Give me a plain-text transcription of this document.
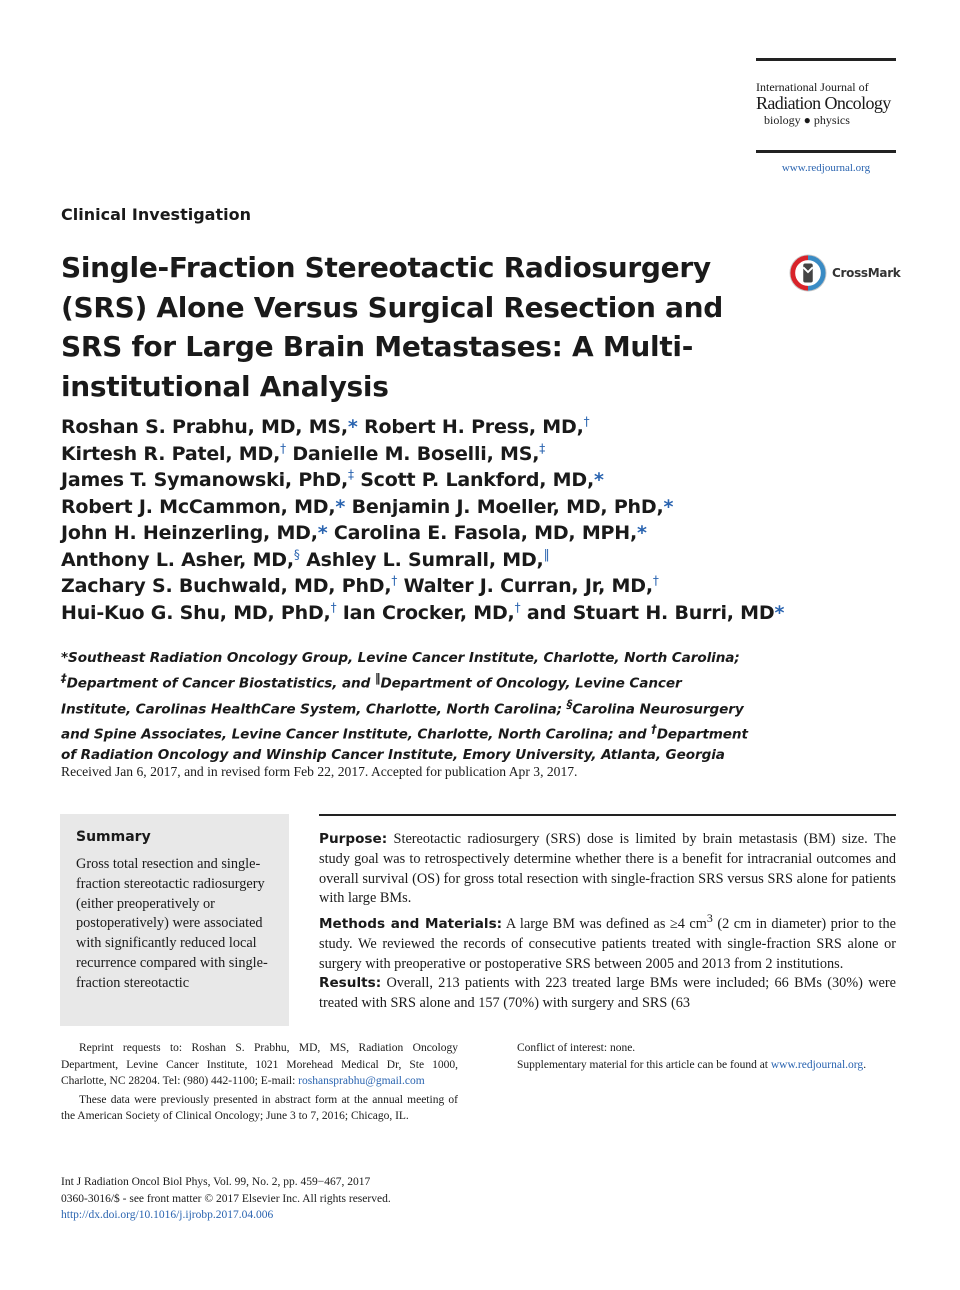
International Journal of
Radiation Oncology
biology ● physics
www.redjournal.org
Clinical Investigation
Single-Fraction Stereotactic Radiosurgery (SRS) Alone Versus Surgical Resection and SRS for Large Brain Metastases: A Multi-institutional Analysis
CrossMark
Roshan S. Prabhu, MD, MS,* Robert H. Press, MD,†
Kirtesh R. Patel, MD,† Danielle M. Boselli, MS,‡
James T. Symanowski, PhD,‡ Scott P. Lankford, MD,*
Robert J. McCammon, MD,* Benjamin J. Moeller, MD, PhD,*
John H. Heinzerling, MD,* Carolina E. Fasola, MD, MPH,*
Anthony L. Asher, MD,§ Ashley L. Sumrall, MD,‖
Zachary S. Buchwald, MD, PhD,† Walter J. Curran, Jr, MD,†
Hui-Kuo G. Shu, MD, PhD,† Ian Crocker, MD,† and Stuart H. Burri, MD*
*Southeast Radiation Oncology Group, Levine Cancer Institute, Charlotte, North Carolina; ‡Department of Cancer Biostatistics, and ‖Department of Oncology, Levine Cancer Institute, Carolinas HealthCare System, Charlotte, North Carolina; §Carolina Neurosurgery and Spine Associates, Levine Cancer Institute, Charlotte, North Carolina; and †Department of Radiation Oncology and Winship Cancer Institute, Emory University, Atlanta, Georgia
Received Jan 6, 2017, and in revised form Feb 22, 2017. Accepted for publication Apr 3, 2017.
Summary
Gross total resection and single-fraction stereotactic radiosurgery (either preoperatively or postoperatively) were associated with significantly reduced local recurrence compared with single-fraction stereotactic

Purpose: Stereotactic radiosurgery (SRS) dose is limited by brain metastasis (BM) size. The study goal was to retrospectively determine whether there is a benefit for intracranial outcomes and overall survival (OS) for gross total resection with single-fraction SRS versus SRS alone for patients with large BMs.

Methods and Materials: A large BM was defined as ≥4 $cm^3$ (2 cm in diameter) prior to the study. We reviewed the records of consecutive patients treated with single-fraction SRS alone or surgery with preoperative or postoperative SRS between 2005 and 2013 from 2 institutions.

Results: Overall, 213 patients with 223 treated large BMs were included; 66 BMs (30%) were treated with SRS alone and 157 (70%) with surgery and SRS (63

Reprint requests to: Roshan S. Prabhu, MD, MS, Radiation Oncology Department, Levine Cancer Institute, 1021 Morehead Medical Dr, Ste 1000, Charlotte, NC 28204. Tel: (980) 442-1100; E-mail: roshansprabhu@gmail.com

These data were previously presented in abstract form at the annual meeting of the American Society of Clinical Oncology; June 3 to 7, 2016; Chicago, IL.

Conflict of interest: none.

Supplementary material for this article can be found at www.redjournal.org.

Int J Radiation Oncol Biol Phys, Vol. 99, No. 2, pp. 459−467, 2017
0360-3016/$ - see front matter © 2017 Elsevier Inc. All rights reserved.
http://dx.doi.org/10.1016/j.ijrobp.2017.04.006
